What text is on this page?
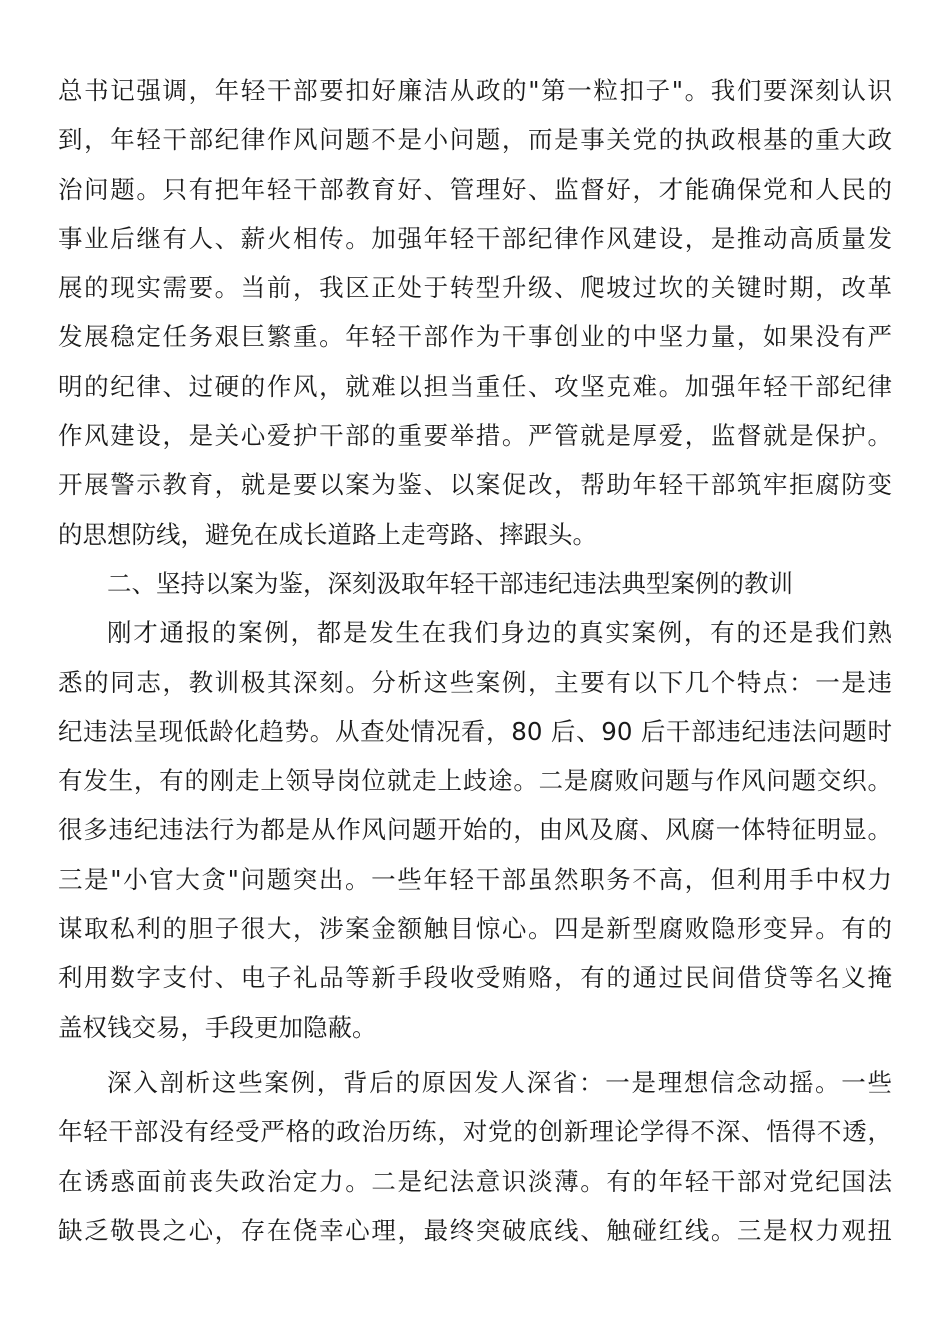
总书记强调，年轻干部要扣好廉洁从政的"第一粒扣子"。我们要深刻认识
到，年轻干部纪律作风问题不是小问题，而是事关党的执政根基的重大政
治问题。只有把年轻干部教育好、管理好、监督好，才能确保党和人民的
事业后继有人、薪火相传。加强年轻干部纪律作风建设，是推动高质量发
展的现实需要。当前，我区正处于转型升级、爬坡过坎的关键时期，改革
发展稳定任务艰巨繁重。年轻干部作为干事创业的中坚力量，如果没有严
明的纪律、过硬的作风，就难以担当重任、攻坚克难。加强年轻干部纪律
作风建设，是关心爱护干部的重要举措。严管就是厚爱，监督就是保护。
开展警示教育，就是要以案为鉴、以案促改，帮助年轻干部筑牢拒腐防变
的思想防线，避免在成长道路上走弯路、摔跟头。
二、坚持以案为鉴，深刻汲取年轻干部违纪违法典型案例的教训
刚才通报的案例，都是发生在我们身边的真实案例，有的还是我们熟
悉的同志，教训极其深刻。分析这些案例，主要有以下几个特点：一是违
纪违法呈现低龄化趋势。从查处情况看，80 后、90 后干部违纪违法问题时
有发生，有的刚走上领导岗位就走上歧途。二是腐败问题与作风问题交织。
很多违纪违法行为都是从作风问题开始的，由风及腐、风腐一体特征明显。
三是"小官大贪"问题突出。一些年轻干部虽然职务不高，但利用手中权力
谋取私利的胆子很大，涉案金额触目惊心。四是新型腐败隐形变异。有的
利用数字支付、电子礼品等新手段收受贿赂，有的通过民间借贷等名义掩
盖权钱交易，手段更加隐蔽。
深入剖析这些案例，背后的原因发人深省：一是理想信念动摇。一些
年轻干部没有经受严格的政治历练，对党的创新理论学得不深、悟得不透，
在诱惑面前丧失政治定力。二是纪法意识淡薄。有的年轻干部对党纪国法
缺乏敬畏之心，存在侥幸心理，最终突破底线、触碰红线。三是权力观扭
